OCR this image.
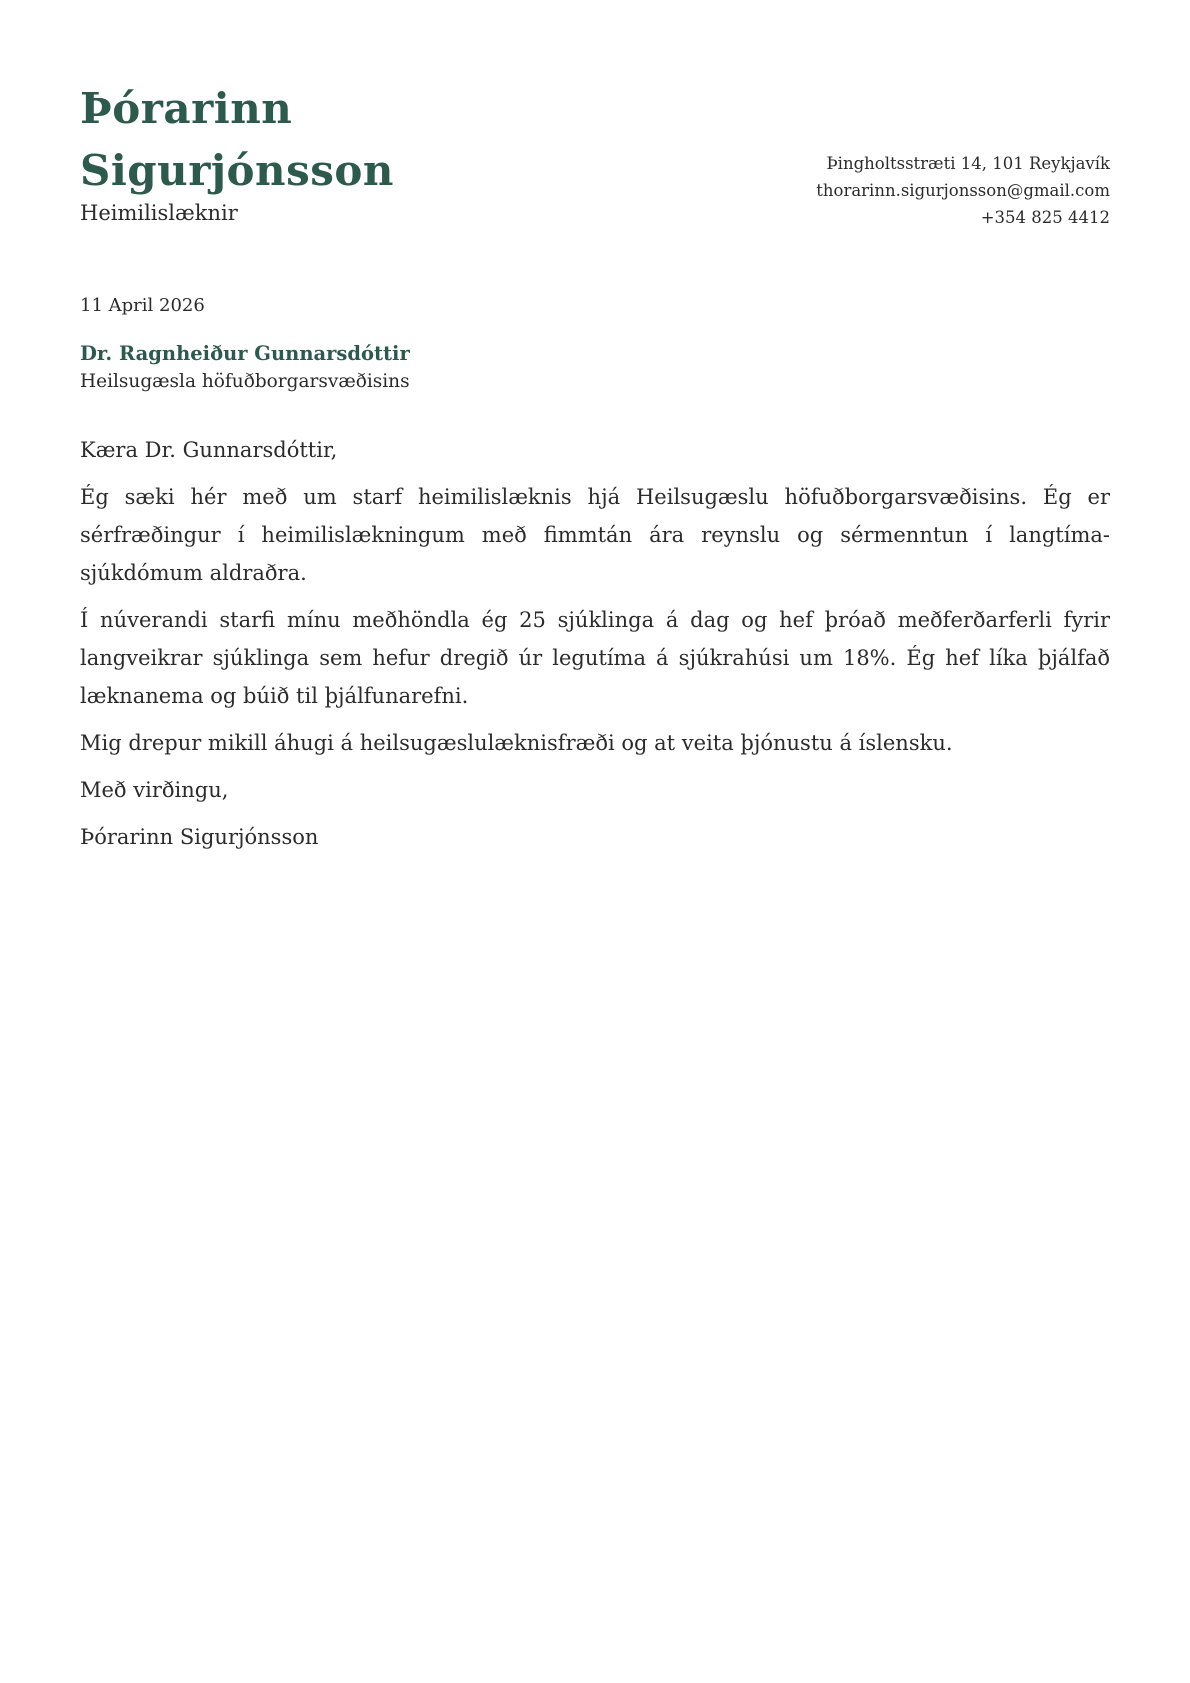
Þórarinn
Sigurjónsson
Heimilislæknir
Þingholtsstræti 14, 101 Reykjavík
thorarinn.sigurjonsson@gmail.com
+354 825 4412
11 April 2026
Dr. Ragnheiður Gunnarsdóttir
Heilsugæsla höfuðborgarsvæðisins

Kæra Dr. Gunnarsdóttir,

Ég sæki hér með um starf heimilislæknis hjá Heilsugæslu höfuðborgarsvæðisins. Ég er sérfræðingur í heimilislækningum með fimmtán ára reynslu og sérmenntun í langtímasjúkdómum aldraðra.

Í núverandi starfi mínu meðhöndla ég 25 sjúklinga á dag og hef þróað meðferðarferli fyrir langveikrar sjúklinga sem hefur dregið úr legutíma á sjúkrahúsi um 18%. Ég hef líka þjálfað læknanema og búið til þjálfunarefni.

Mig drepur mikill áhugi á heilsugæslulæknisfræði og at veita þjónustu á íslensku.

Með virðingu,

Þórarinn Sigurjónsson
